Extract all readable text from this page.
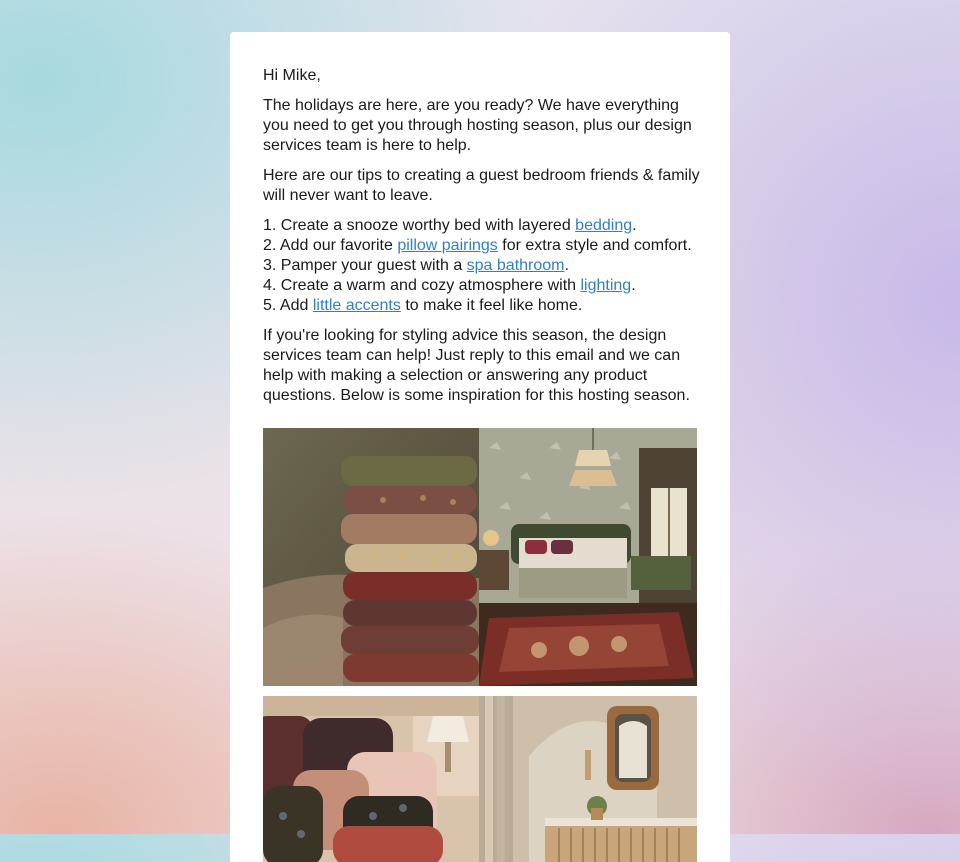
Hi Mike,

The holidays are here, are you ready? We have everything you need to get you through hosting season, plus our design services team is here to help.

Here are our tips to creating a guest bedroom friends & family will never want to leave.

1. Create a snooze worthy bed with layered bedding.
2. Add our favorite pillow pairings for extra style and comfort.
3. Pamper your guest with a spa bathroom.
4. Create a warm and cozy atmosphere with lighting.
5. Add little accents to make it feel like home.

If you're looking for styling advice this season, the design services team can help! Just reply to this email and we can help with making a selection or answering any product questions. Below is some inspiration for this hosting season.
